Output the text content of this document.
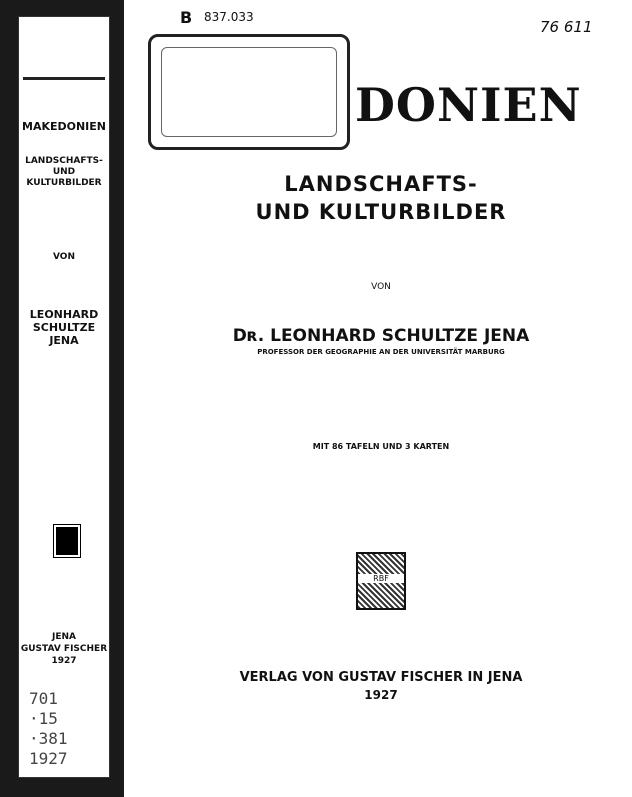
MAKEDONIEN
LANDSCHAFTS-
UND
KULTURBILDER
VON
LEONHARD
SCHULTZE
JENA
JENA
GUSTAV FISCHER
1927
701
·15
·381
1927
B 837.033
76 611
DONIEN
LANDSCHAFTS-
UND KULTURBILDER
VON
Dʀ. LEONHARD SCHULTZE JENA
PROFESSOR DER GEOGRAPHIE AN DER UNIVERSITÄT MARBURG
MIT 86 TAFELN UND 3 KARTEN
RBF
VERLAG VON GUSTAV FISCHER IN JENA
1927
